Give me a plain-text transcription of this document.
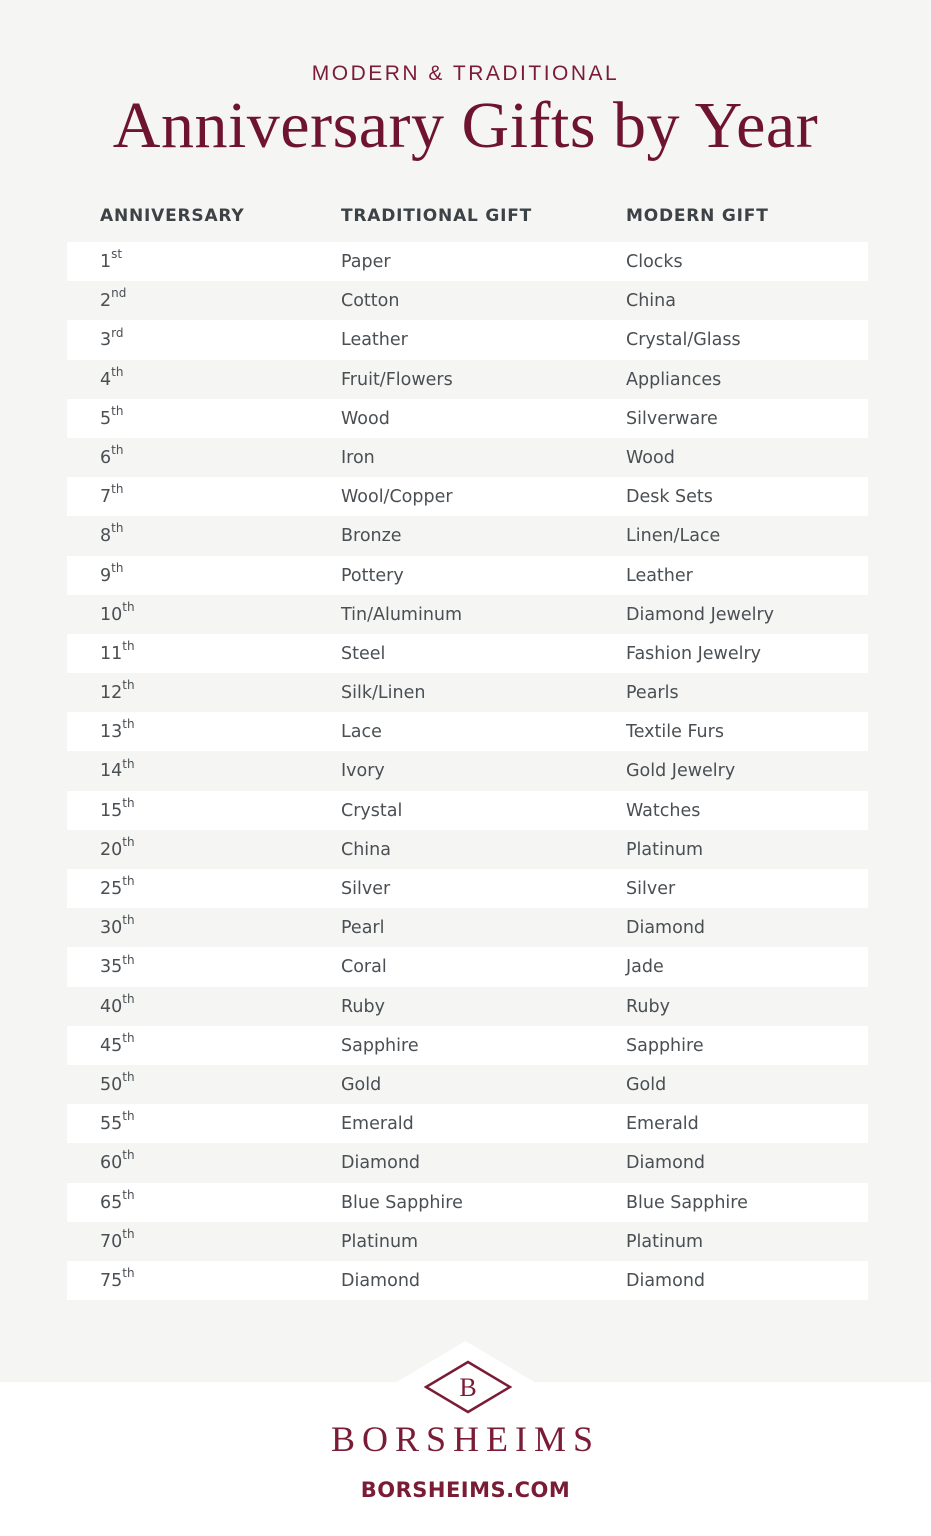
MODERN & TRADITIONAL
Anniversary Gifts by Year
ANNIVERSARY	TRADITIONAL GIFT	MODERN GIFT
1st	Paper	Clocks
2nd	Cotton	China
3rd	Leather	Crystal/Glass
4th	Fruit/Flowers	Appliances
5th	Wood	Silverware
6th	Iron	Wood
7th	Wool/Copper	Desk Sets
8th	Bronze	Linen/Lace
9th	Pottery	Leather
10th	Tin/Aluminum	Diamond Jewelry
11th	Steel	Fashion Jewelry
12th	Silk/Linen	Pearls
13th	Lace	Textile Furs
14th	Ivory	Gold Jewelry
15th	Crystal	Watches
20th	China	Platinum
25th	Silver	Silver
30th	Pearl	Diamond
35th	Coral	Jade
40th	Ruby	Ruby
45th	Sapphire	Sapphire
50th	Gold	Gold
55th	Emerald	Emerald
60th	Diamond	Diamond
65th	Blue Sapphire	Blue Sapphire
70th	Platinum	Platinum
75th	Diamond	Diamond
B
BORSHEIMS
BORSHEIMS.COM
